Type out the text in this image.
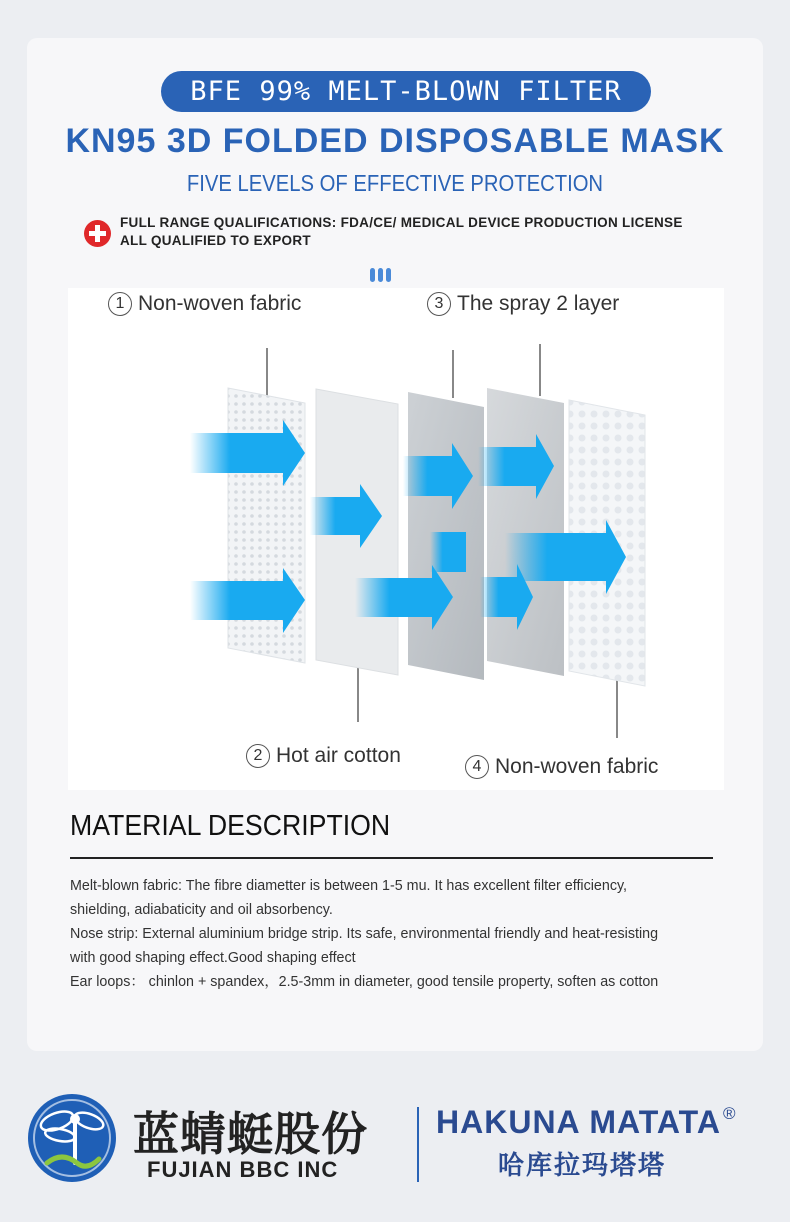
BFE 99% MELT-BLOWN FILTER
KN95 3D FOLDED DISPOSABLE MASK
FIVE LEVELS OF EFFECTIVE PROTECTION
FULL RANGE QUALIFICATIONS: FDA/CE/ MEDICAL DEVICE PRODUCTION LICENSE
ALL QUALIFIED TO EXPORT
1 Non-woven fabric	3 The spray 2 layer
2 Hot air cotton	4 Non-woven fabric
MATERIAL DESCRIPTION
Melt-blown fabric: The fibre diametter is between 1-5 mu. It has excellent filter efficiency,
shielding, adiabaticity and oil absorbency.
Nose strip: External aluminium bridge strip. Its safe, environmental friendly and heat-resisting
with good shaping effect.Good shaping effect
Ear loops： chinlon + spandex，2.5-3mm in diameter, good tensile property, soften as cotton
蓝蜻蜓股份
FUJIAN BBC INC
HAKUNA MATATA ®
哈库拉玛塔塔
